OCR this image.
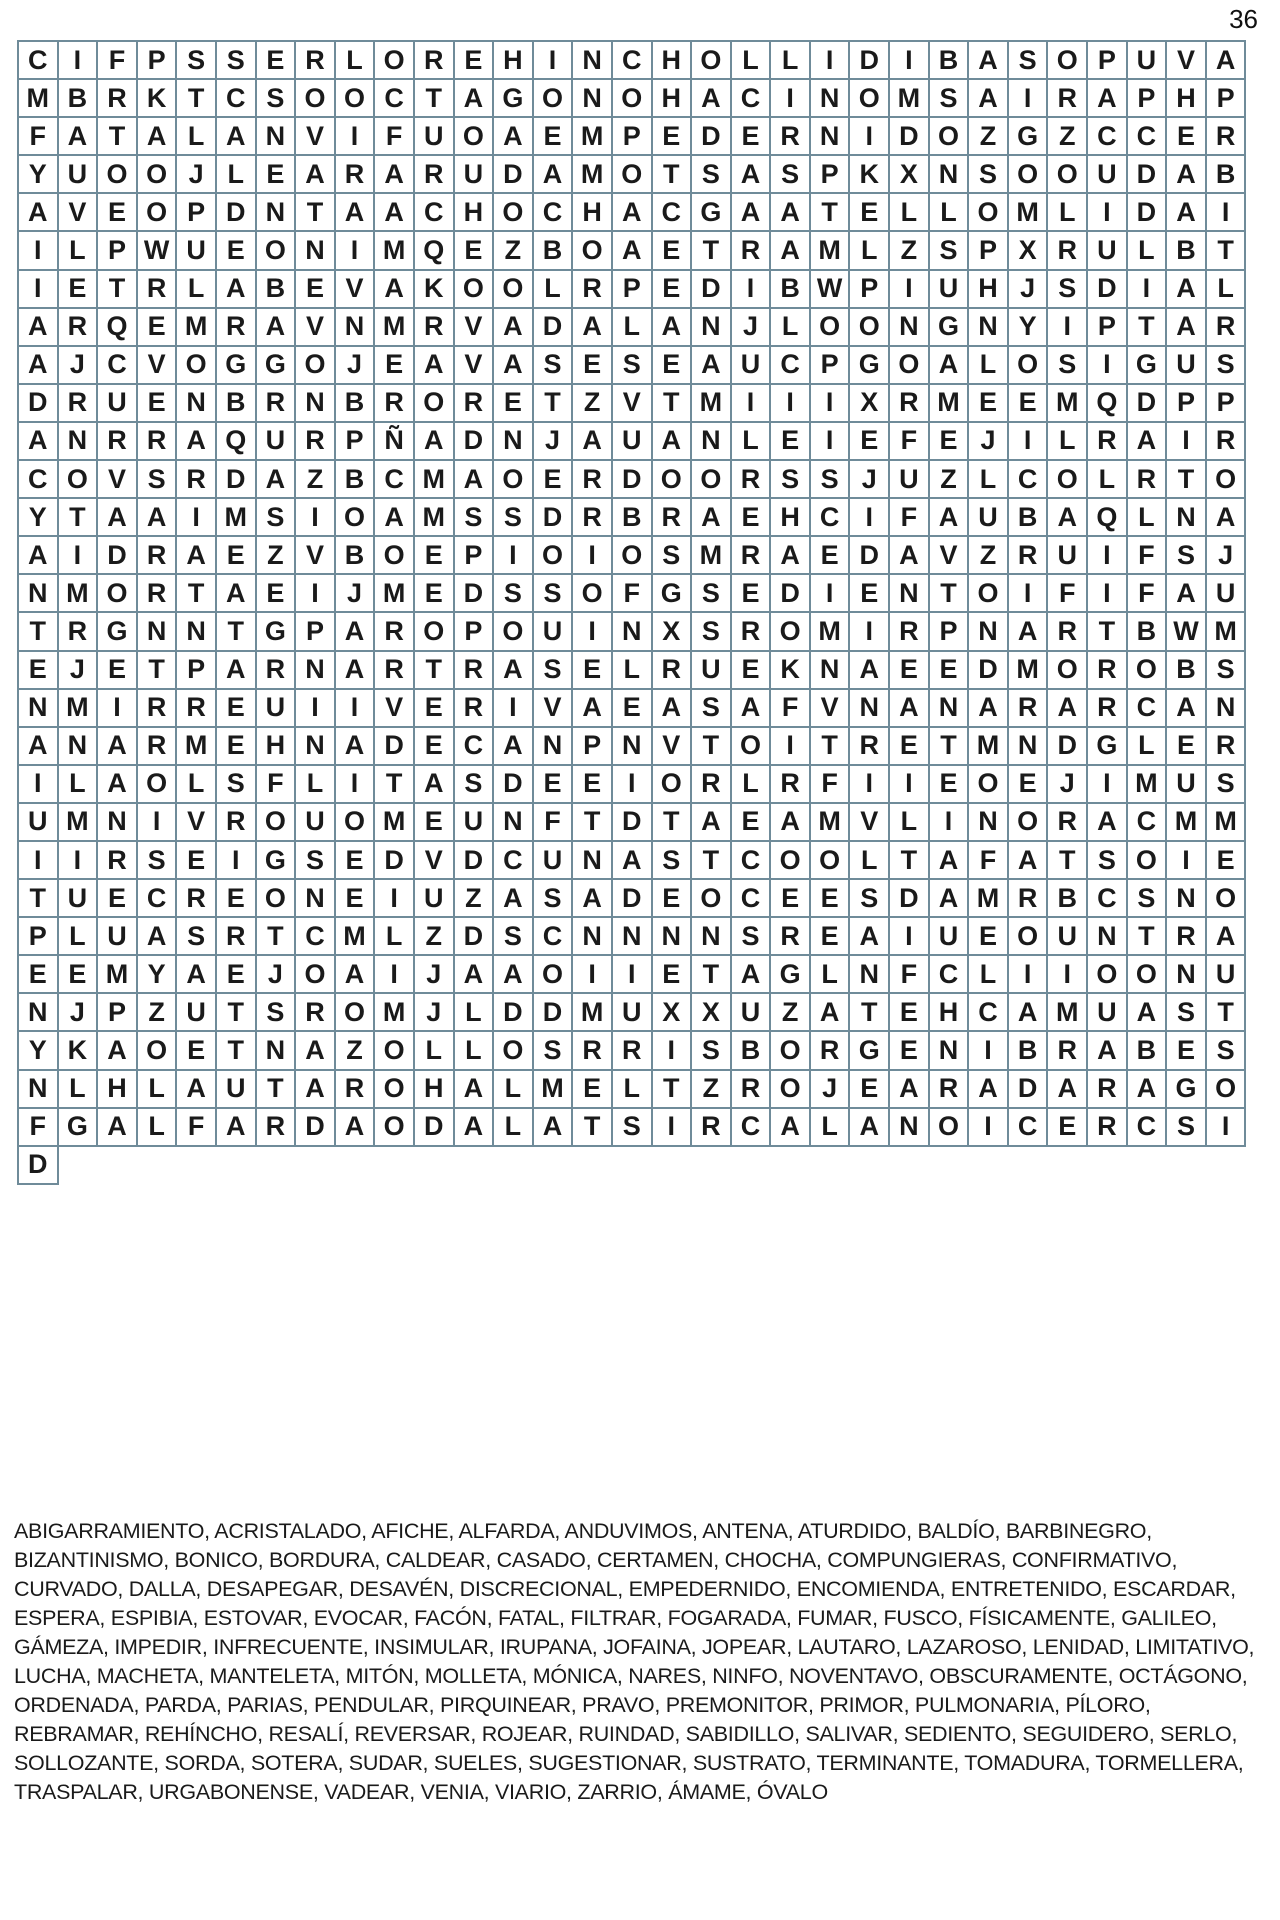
36
C I	F P S S E R L O R E H I N C H O L L	I D I B A S O P U V A
M B R K T C S O O C T A G O N O H A C I N O M S A I R A P H P
F A T A L A N V I	F U O A E M P E D E R N I D O Z G Z C C E R
Y U O O J L E A R A R U D A M O T S A S P K X N S O O U D A B
A V E O P D N T A A C H O C H A C G A A T E L L O M L	I D A I
I	L P W U E O N I M Q E Z B O A E T R A M L Z S P X R U L B T
I E T R L A B E V A K O O L R P E D I B W P I U H J S D I A L
A R Q E M R A V N M R V A D A L A N J L O O N G N Y I P T A R
A J C V O G G O J E A V A S E S E A U C P G O A L O S I G U S
D R U E N B R N B R O R E T Z V T M I	I	I X R M E E M Q D P P
A N R R A Q U R P Ñ A D N J A U A N L E I E F E J	I	L R A I R
C O V S R D A Z B C M A O E R D O O R S S J U Z L C O L R T O
Y T A A I M S I O A M S S D R B R A E H C I	F A U B A Q L N A
A I D R A E Z V B O E P I O I O S M R A E D A V Z R U I	F S J
N M O R T A E I	J M E D S S O F G S E D I E N T O I	F	I	F A U
T R G N N T G P A R O P O U I N X S R O M I R P N A R T B W M
E J E T P A R N A R T R A S E L R U E K N A E E D M O R O B S
N M I R R E U I	I V E R I V A E A S A F V N A N A R A R C A N
A N A R M E H N A D E C A N P N V T O I	T R E T M N D G L E R
I	L A O L S F L	I	T A S D E E I O R L R F	I	I E O E J	I M U S
U M N I V R O U O M E U N F T D T A E A M V L	I N O R A C M M
I	I R S E I G S E D V D C U N A S T C O O L T A F A T S O I E
T U E C R E O N E I U Z A S A D E O C E E S D A M R B C S N O
P L U A S R T C M L Z D S C N N N N S R E A I U E O U N T R A
E E M Y A E J O A I	J A A O I	I E T A G L N F C L	I	I O O N U
N J P Z U T S R O M J L D D M U X X U Z A T E H C A M U A S T
Y K A O E T N A Z O L L O S R R I S B O R G E N I B R A B E S
N L H L A U T A R O H A L M E L T Z R O J E A R A D A R A G O
F G A L F A R D A O D A L A T S I R C A L A N O I C E R C S I
D
ABIGARRAMIENTO, ACRISTALADO, AFICHE, ALFARDA, ANDUVIMOS, ANTENA, ATURDIDO, BALDÍO, BARBINEGRO, BIZANTINISMO, BONICO, BORDURA, CALDEAR, CASADO, CERTAMEN, CHOCHA, COMPUNGIERAS, CONFIRMATIVO, CURVADO, DALLA, DESAPEGAR, DESAVÉN, DISCRECIONAL, EMPEDERNIDO, ENCOMIENDA, ENTRETENIDO, ESCARDAR, ESPERA, ESPIBIA, ESTOVAR, EVOCAR, FACÓN, FATAL, FILTRAR, FOGARADA, FUMAR, FUSCO, FÍSICAMENTE, GALILEO, GÁMEZA, IMPEDIR, INFRECUENTE, INSIMULAR, IRUPANA, JOFAINA, JOPEAR, LAUTARO, LAZAROSO, LENIDAD, LIMITATIVO, LUCHA, MACHETA, MANTELETA, MITÓN, MOLLETA, MÓNICA, NARES, NINFO, NOVENTAVO, OBSCURAMENTE, OCTÁGONO, ORDENADA, PARDA, PARIAS, PENDULAR, PIRQUINEAR, PRAVO, PREMONITOR, PRIMOR, PULMONARIA, PÍLORO, REBRAMAR, REHÍNCHO, RESALÍ, REVERSAR, ROJEAR, RUINDAD, SABIDILLO, SALIVAR, SEDIENTO, SEGUIDERO, SERLO, SOLLOZANTE, SORDA, SOTERA, SUDAR, SUELES, SUGESTIONAR, SUSTRATO, TERMINANTE, TOMADURA, TORMELLERA, TRASPALAR, URGABONENSE, VADEAR, VENIA, VIARIO, ZARRIO, ÁMAME, ÓVALO
